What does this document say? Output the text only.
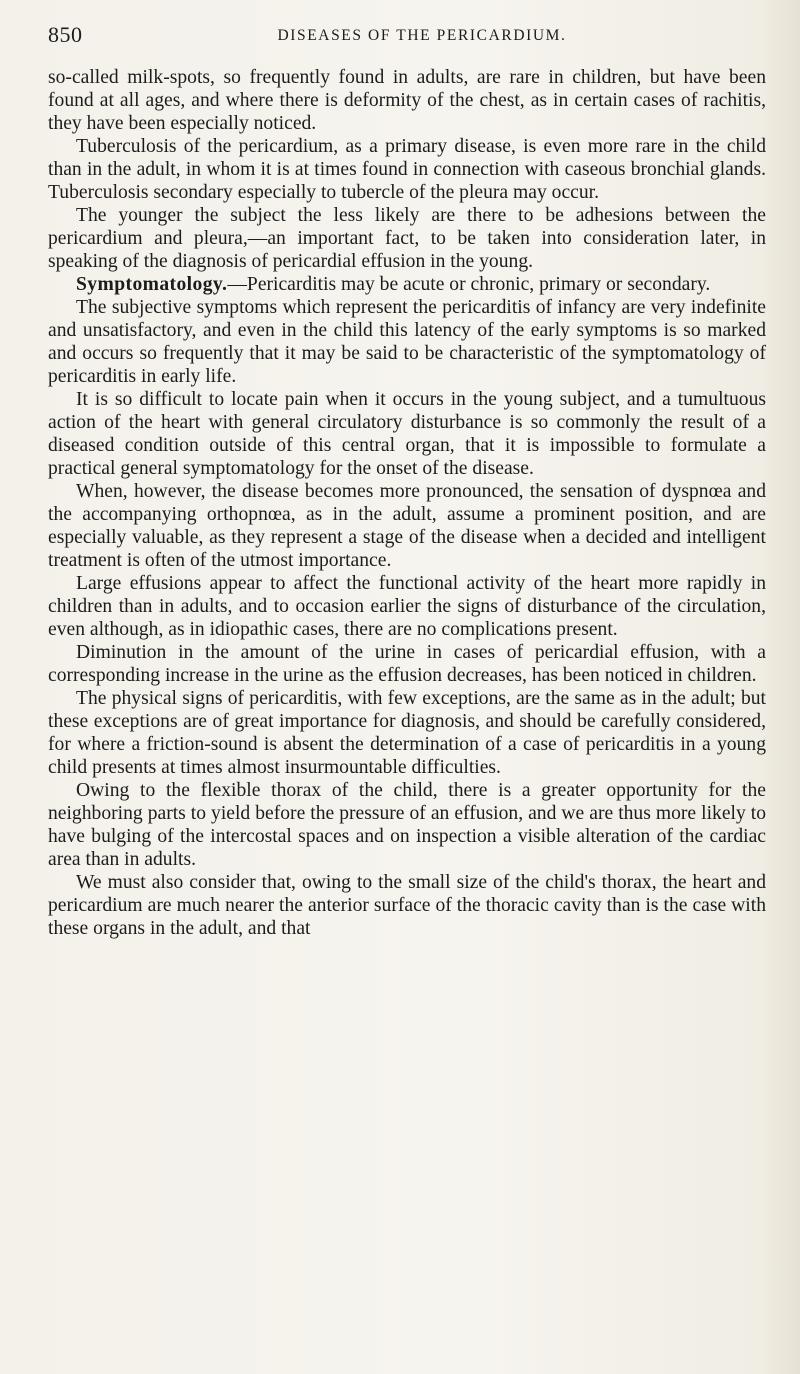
850	DISEASES OF THE PERICARDIUM.

so-called milk-spots, so frequently found in adults, are rare in children, but have been found at all ages, and where there is deformity of the chest, as in certain cases of rachitis, they have been especially noticed.

Tuberculosis of the pericardium, as a primary disease, is even more rare in the child than in the adult, in whom it is at times found in connection with caseous bronchial glands. Tuberculosis secondary especially to tubercle of the pleura may occur.

The younger the subject the less likely are there to be adhesions between the pericardium and pleura,—an important fact, to be taken into consideration later, in speaking of the diagnosis of pericardial effusion in the young.

Symptomatology.—Pericarditis may be acute or chronic, primary or secondary.

The subjective symptoms which represent the pericarditis of infancy are very indefinite and unsatisfactory, and even in the child this latency of the early symptoms is so marked and occurs so frequently that it may be said to be characteristic of the symptomatology of pericarditis in early life.

It is so difficult to locate pain when it occurs in the young subject, and a tumultuous action of the heart with general circulatory disturbance is so commonly the result of a diseased condition outside of this central organ, that it is impossible to formulate a practical general symptomatology for the onset of the disease.

When, however, the disease becomes more pronounced, the sensation of dyspnœa and the accompanying orthopnœa, as in the adult, assume a prominent position, and are especially valuable, as they represent a stage of the disease when a decided and intelligent treatment is often of the utmost importance.

Large effusions appear to affect the functional activity of the heart more rapidly in children than in adults, and to occasion earlier the signs of disturbance of the circulation, even although, as in idiopathic cases, there are no complications present.

Diminution in the amount of the urine in cases of pericardial effusion, with a corresponding increase in the urine as the effusion decreases, has been noticed in children.

The physical signs of pericarditis, with few exceptions, are the same as in the adult; but these exceptions are of great importance for diagnosis, and should be carefully considered, for where a friction-sound is absent the determination of a case of pericarditis in a young child presents at times almost insurmountable difficulties.

Owing to the flexible thorax of the child, there is a greater opportunity for the neighboring parts to yield before the pressure of an effusion, and we are thus more likely to have bulging of the intercostal spaces and on inspection a visible alteration of the cardiac area than in adults.

We must also consider that, owing to the small size of the child's thorax, the heart and pericardium are much nearer the anterior surface of the thoracic cavity than is the case with these organs in the adult, and that
